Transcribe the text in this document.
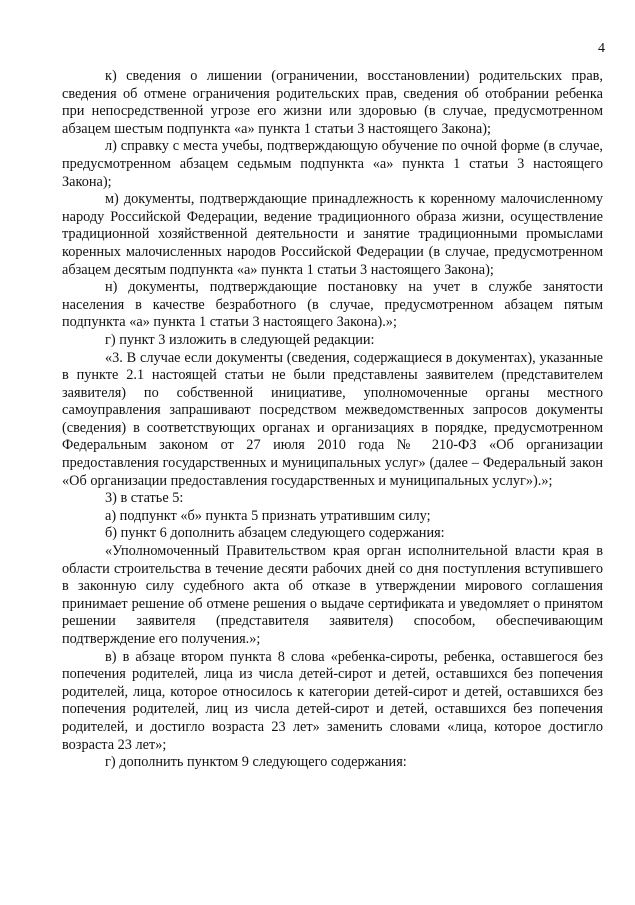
4

к) сведения о лишении (ограничении, восстановлении) родительских прав, сведения об отмене ограничения родительских прав, сведения об отобрании ребенка при непосредственной угрозе его жизни или здоровью (в случае, предусмотренном абзацем шестым подпункта «а» пункта 1 статьи 3 настоящего Закона);

л) справку с места учебы, подтверждающую обучение по очной форме (в случае, предусмотренном абзацем седьмым подпункта «а» пункта 1 статьи 3 настоящего Закона);

м) документы, подтверждающие принадлежность к коренному малочисленному народу Российской Федерации, ведение традиционного образа жизни, осуществление традиционной хозяйственной деятельности и занятие традиционными промыслами коренных малочисленных народов Российской Федерации (в случае, предусмотренном абзацем десятым подпункта «а» пункта 1 статьи 3 настоящего Закона);

н) документы, подтверждающие постановку на учет в службе занятости населения в качестве безработного (в случае, предусмотренном абзацем пятым подпункта «а» пункта 1 статьи 3 настоящего Закона).»;

г) пункт 3 изложить в следующей редакции:

«3. В случае если документы (сведения, содержащиеся в документах), указанные в пункте 2.1 настоящей статьи не были представлены заявителем (представителем заявителя) по собственной инициативе, уполномоченные органы местного самоуправления запрашивают посредством межведомственных запросов документы (сведения) в соответствующих органах и организациях в порядке, предусмотренном Федеральным законом от 27 июля 2010 года № 210-ФЗ «Об организации предоставления государственных и муниципальных услуг» (далее – Федеральный закон «Об организации предоставления государственных и муниципальных услуг»).»;

3) в статье 5:

а) подпункт «б» пункта 5 признать утратившим силу;

б) пункт 6 дополнить абзацем следующего содержания:

«Уполномоченный Правительством края орган исполнительной власти края в области строительства в течение десяти рабочих дней со дня поступления вступившего в законную силу судебного акта об отказе в утверждении мирового соглашения принимает решение об отмене решения о выдаче сертификата и уведомляет о принятом решении заявителя (представителя заявителя) способом, обеспечивающим подтверждение его получения.»;

в) в абзаце втором пункта 8 слова «ребенка-сироты, ребенка, оставшегося без попечения родителей, лица из числа детей-сирот и детей, оставшихся без попечения родителей, лица, которое относилось к категории детей-сирот и детей, оставшихся без попечения родителей, лиц из числа детей-сирот и детей, оставшихся без попечения родителей, и достигло возраста 23 лет» заменить словами «лица, которое достигло возраста 23 лет»;

г) дополнить пунктом 9 следующего содержания:
